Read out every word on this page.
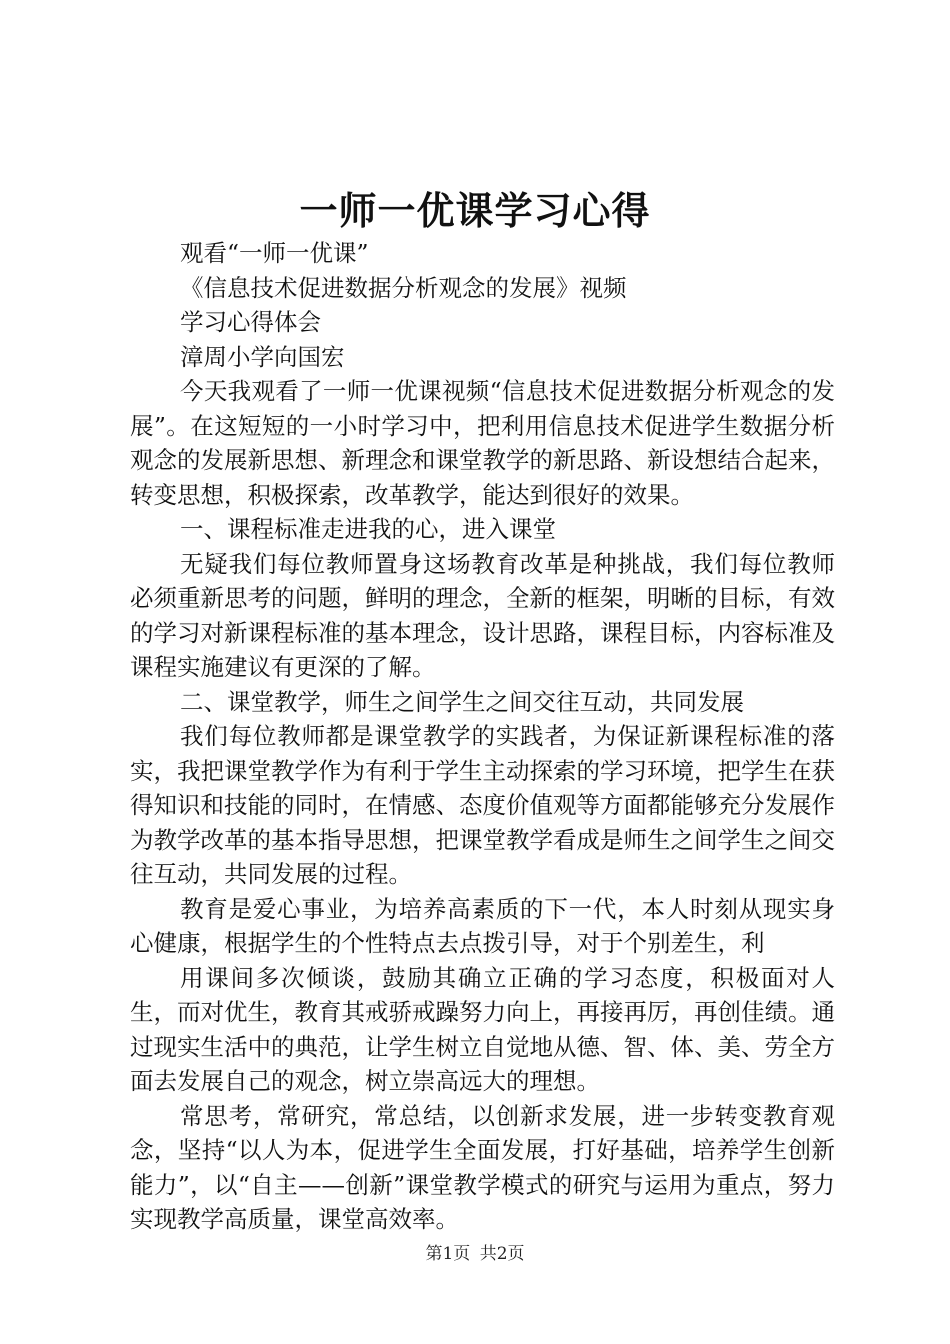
一师一优课学习心得

观看“一师一优课”

《信息技术促进数据分析观念的发展》视频

学习心得体会

漳周小学向国宏

今天我观看了一师一优课视频“信息技术促进数据分析观念的发展”。在这短短的一小时学习中，把利用信息技术促进学生数据分析观念的发展新思想、新理念和课堂教学的新思路、新设想结合起来，转变思想，积极探索，改革教学，能达到很好的效果。

一、课程标准走进我的心，进入课堂

无疑我们每位教师置身这场教育改革是种挑战，我们每位教师必须重新思考的问题，鲜明的理念，全新的框架，明晰的目标，有效的学习对新课程标准的基本理念，设计思路，课程目标，内容标准及课程实施建议有更深的了解。

二、课堂教学，师生之间学生之间交往互动，共同发展

我们每位教师都是课堂教学的实践者，为保证新课程标准的落实，我把课堂教学作为有利于学生主动探索的学习环境，把学生在获得知识和技能的同时，在情感、态度价值观等方面都能够充分发展作为教学改革的基本指导思想，把课堂教学看成是师生之间学生之间交往互动，共同发展的过程。

教育是爱心事业，为培养高素质的下一代，本人时刻从现实身心健康，根据学生的个性特点去点拨引导，对于个别差生，利

用课间多次倾谈，鼓励其确立正确的学习态度，积极面对人生，而对优生，教育其戒骄戒躁努力向上，再接再厉，再创佳绩。通过现实生活中的典范，让学生树立自觉地从德、智、体、美、劳全方面去发展自己的观念，树立崇高远大的理想。

常思考，常研究，常总结，以创新求发展，进一步转变教育观念，坚持“以人为本，促进学生全面发展，打好基础，培养学生创新能力”，以“自主——创新”课堂教学模式的研究与运用为重点，努力实现教学高质量，课堂高效率。

第1页 共2页
